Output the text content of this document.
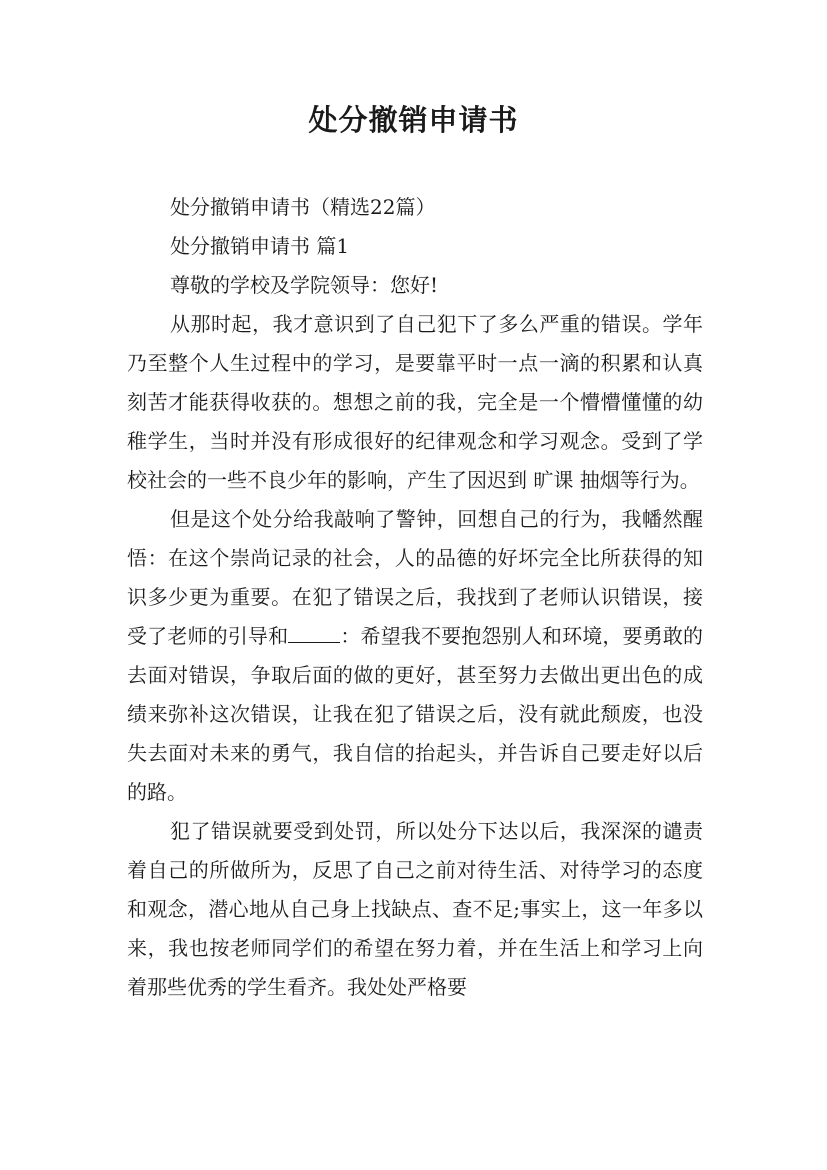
处分撤销申请书

处分撤销申请书（精选22篇）

处分撤销申请书 篇1

尊敬的学校及学院领导：您好!

从那时起，我才意识到了自己犯下了多么严重的错误。学年乃至整个人生过程中的学习，是要靠平时一点一滴的积累和认真刻苦才能获得收获的。想想之前的我，完全是一个懵懵懂懂的幼稚学生，当时并没有形成很好的纪律观念和学习观念。受到了学校社会的一些不良少年的影响，产生了因迟到 旷课 抽烟等行为。

但是这个处分给我敲响了警钟，回想自己的行为，我幡然醒悟：在这个崇尚记录的社会，人的品德的好坏完全比所获得的知识多少更为重要。在犯了错误之后，我找到了老师认识错误，接受了老师的引导和	：希望我不要抱怨别人和环境，要勇敢的去面对错误，争取后面的做的更好，甚至努力去做出更出色的成绩来弥补这次错误，让我在犯了错误之后，没有就此颓废，也没失去面对未来的勇气，我自信的抬起头，并告诉自己要走好以后的路。

犯了错误就要受到处罚，所以处分下达以后，我深深的谴责着自己的所做所为，反思了自己之前对待生活、对待学习的态度和观念，潜心地从自己身上找缺点、查不足;事实上，这一年多以来，我也按老师同学们的希望在努力着，并在生活上和学习上向着那些优秀的学生看齐。我处处严格要
